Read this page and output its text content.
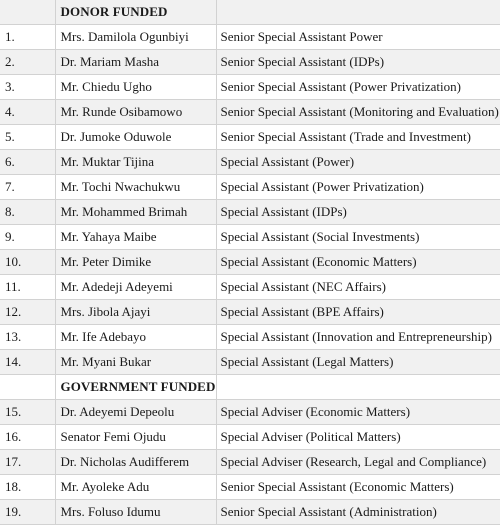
	DONOR FUNDED	
1.	Mrs. Damilola Ogunbiyi	Senior Special Assistant Power
2.	Dr. Mariam Masha	Senior Special Assistant (IDPs)
3.	Mr. Chiedu Ugho	Senior Special Assistant (Power Privatization)
4.	Mr. Runde Osibamowo	Senior Special Assistant (Monitoring and Evaluation)
5.	Dr. Jumoke Oduwole	Senior Special Assistant (Trade and Investment)
6.	Mr. Muktar Tijina	Special Assistant (Power)
7.	Mr. Tochi Nwachukwu	Special Assistant (Power Privatization)
8.	Mr. Mohammed Brimah	Special Assistant (IDPs)
9.	Mr. Yahaya Maibe	Special Assistant (Social Investments)
10.	Mr. Peter Dimike	Special Assistant (Economic Matters)
11.	Mr. Adedeji Adeyemi	Special Assistant (NEC Affairs)
12.	Mrs. Jibola Ajayi	Special Assistant (BPE Affairs)
13.	Mr. Ife Adebayo	Special Assistant (Innovation and Entrepreneurship)
14.	Mr. Myani Bukar	Special Assistant (Legal Matters)
	GOVERNMENT FUNDED	
15.	Dr. Adeyemi Depeolu	Special Adviser (Economic Matters)
16.	Senator Femi Ojudu	Special Adviser (Political Matters)
17.	Dr. Nicholas Audifferem	Special Adviser (Research, Legal and Compliance)
18.	Mr. Ayoleke Adu	Senior Special Assistant (Economic Matters)
19.	Mrs. Foluso Idumu	Senior Special Assistant (Administration)
